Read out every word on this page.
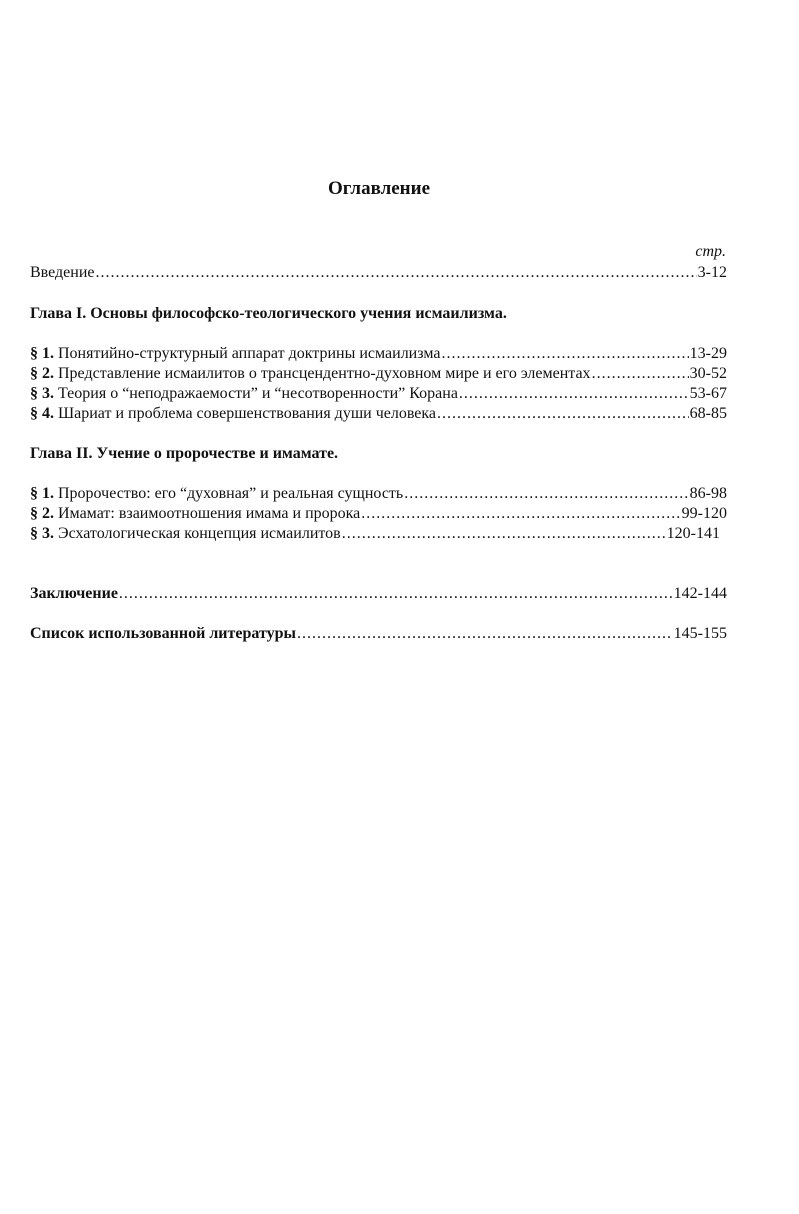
Оглавление
стр.
Введение .....	3-12
Глава I. Основы философско-теологического учения исмаилизма.
§ 1. Понятийно-структурный аппарат доктрины исмаилизма .....	13-29
§ 2. Представление исмаилитов о трансцендентно-духовном мире и его элементах .....	30-52
§ 3. Теория о “неподражаемости” и “несотворенности” Корана .....	53-67
§ 4. Шариат и проблема совершенствования души человека .....	68-85
Глава II. Учение о пророчестве и имамате.
§ 1. Пророчество: его “духовная” и реальная сущность .....	86-98
§ 2. Имамат: взаимоотношения имама и пророка .....	99-120
§ 3. Эсхатологическая концепция исмаилитов .....	120-141
Заключение .....	142-144
Список использованной литературы .....	145-155
